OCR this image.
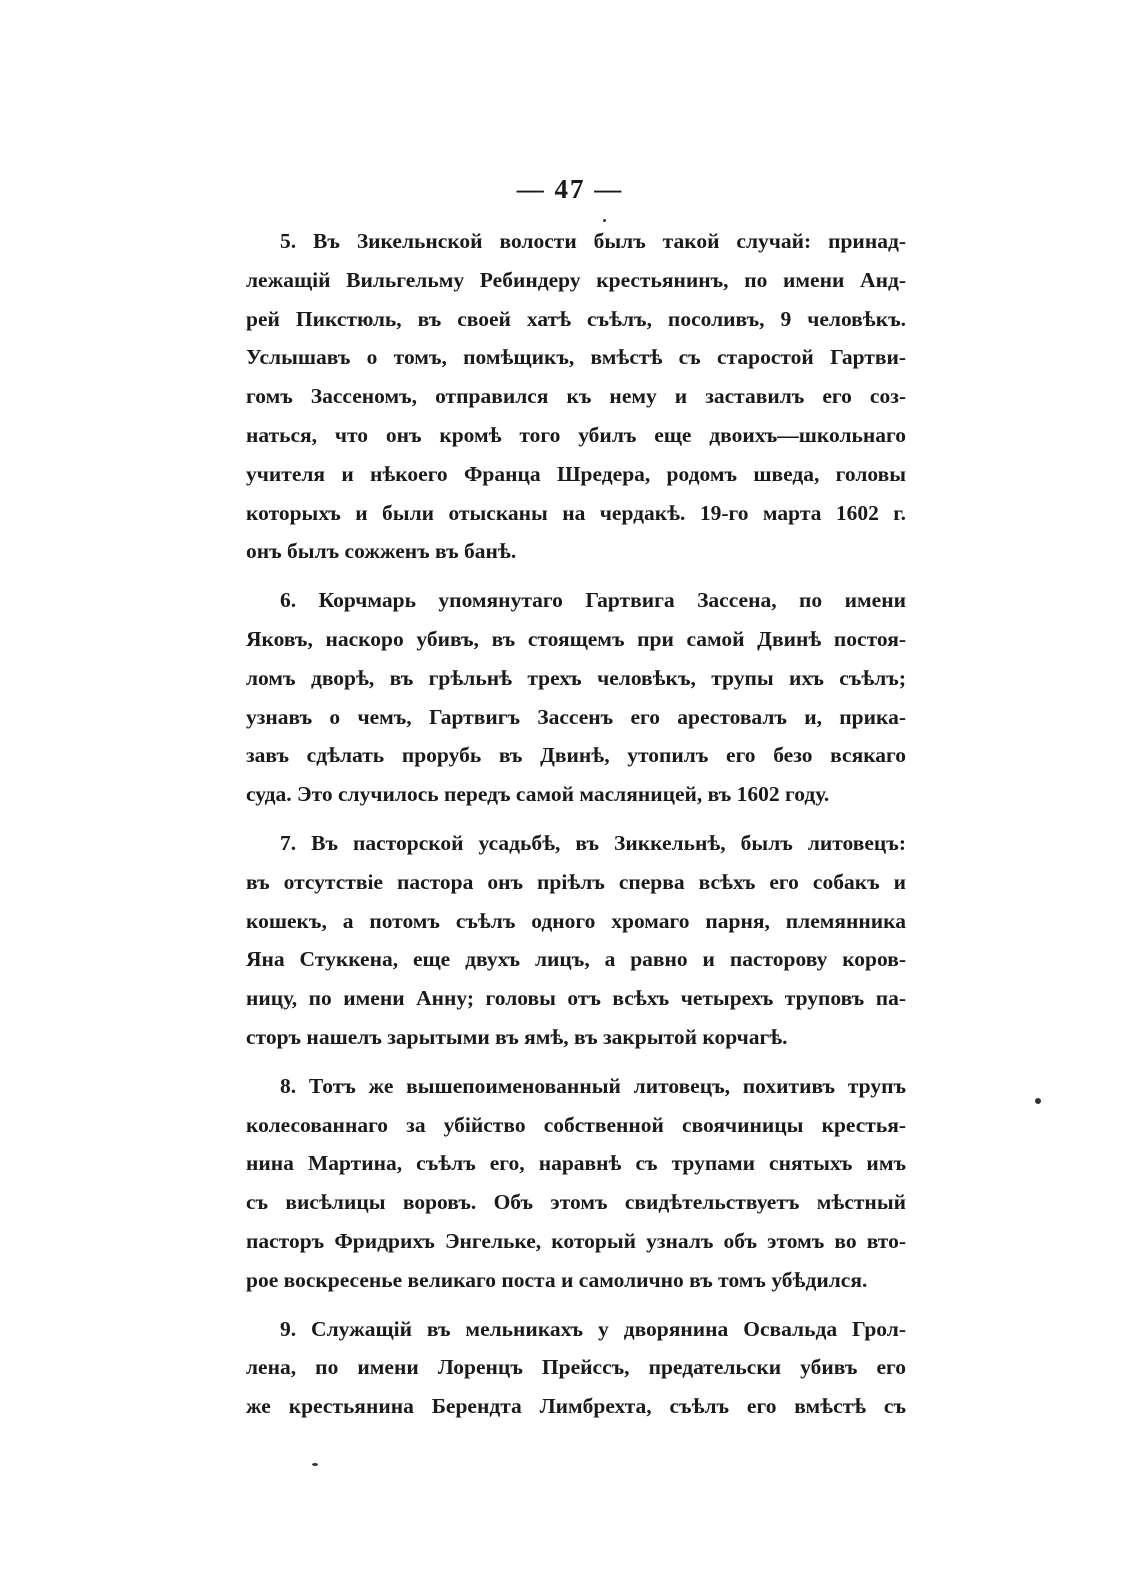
— 47 —
5. Въ Зикельнской волости былъ такой случай: принад-
лежащій Вильгельму Ребиндеру крестьянинъ, по имени Анд-
рей Пикстюль, въ своей хатѣ съѣлъ, посоливъ, 9 человѣкъ.
Услышавъ о томъ, помѣщикъ, вмѣстѣ съ старостой Гартви-
гомъ Зассеномъ, отправился къ нему и заставилъ его соз-
наться, что онъ кромѣ того убилъ еще двоихъ—школьнаго
учителя и нѣкоего Франца Шредера, родомъ шведа, головы
которыхъ и были отысканы на чердакѣ. 19-го марта 1602 г.
онъ былъ сожженъ въ банѣ.
6. Корчмарь упомянутаго Гартвига Зассена, по имени
Яковъ, наскоро убивъ, въ стоящемъ при самой Двинѣ постоя-
ломъ дворѣ, въ грѣльнѣ трехъ человѣкъ, трупы ихъ съѣлъ;
узнавъ о чемъ, Гартвигъ Зассенъ его арестовалъ и, прика-
завъ сдѣлать прорубь въ Двинѣ, утопилъ его безо всякаго
суда. Это случилось передъ самой масляницей, въ 1602 году.
7. Въ пасторской усадьбѣ, въ Зиккельнѣ, былъ литовецъ:
въ отсутствіе пастора онъ пріѣлъ сперва всѣхъ его собакъ и
кошекъ, а потомъ съѣлъ одного хромаго парня, племянника
Яна Стуккена, еще двухъ лицъ, а равно и пасторову коров-
ницу, по имени Анну; головы отъ всѣхъ четырехъ труповъ па-
сторъ нашелъ зарытыми въ ямѣ, въ закрытой корчагѣ.
8. Тотъ же вышепоименованный литовецъ, похитивъ трупъ
колесованнаго за убійство собственной своячиницы крестья-
нина Мартина, съѣлъ его, наравнѣ съ трупами снятыхъ имъ
съ висѣлицы воровъ. Объ этомъ свидѣтельствуетъ мѣстный
пасторъ Фридрихъ Энгельке, который узналъ объ этомъ во вто-
рое воскресенье великаго поста и самолично въ томъ убѣдился.
9. Служащій въ мельникахъ у дворянина Освальда Грол-
лена, по имени Лоренцъ Прейссъ, предательски убивъ его
же крестьянина Берендта Лимбрехта, съѣлъ его вмѣстѣ съ
